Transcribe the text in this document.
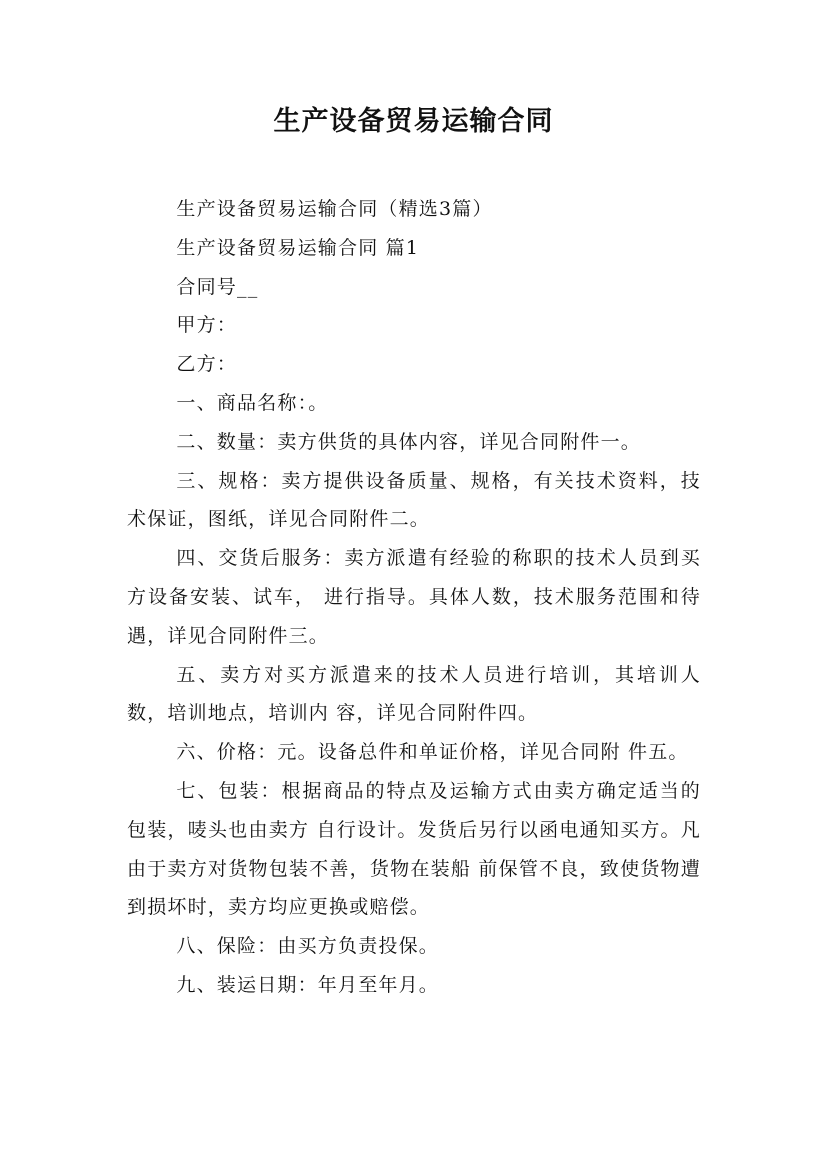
生产设备贸易运输合同

生产设备贸易运输合同（精选3篇）

生产设备贸易运输合同 篇1

合同号__

甲方：

乙方：

一、商品名称：。

二、数量：卖方供货的具体内容，详见合同附件一。

三、规格：卖方提供设备质量、规格，有关技术资料，技术保证，图纸，详见合同附件二。

四、交货后服务：卖方派遣有经验的称职的技术人员到买方设备安装、试车， 进行指导。具体人数，技术服务范围和待遇，详见合同附件三。

五、卖方对买方派遣来的技术人员进行培训，其培训人数，培训地点，培训内 容，详见合同附件四。

六、价格：元。设备总件和单证价格，详见合同附 件五。

七、包装：根据商品的特点及运输方式由卖方确定适当的包装，唛头也由卖方 自行设计。发货后另行以函电通知买方。凡由于卖方对货物包装不善，货物在装船 前保管不良，致使货物遭到损坏时，卖方均应更换或赔偿。

八、保险：由买方负责投保。

九、装运日期：年月至年月。
